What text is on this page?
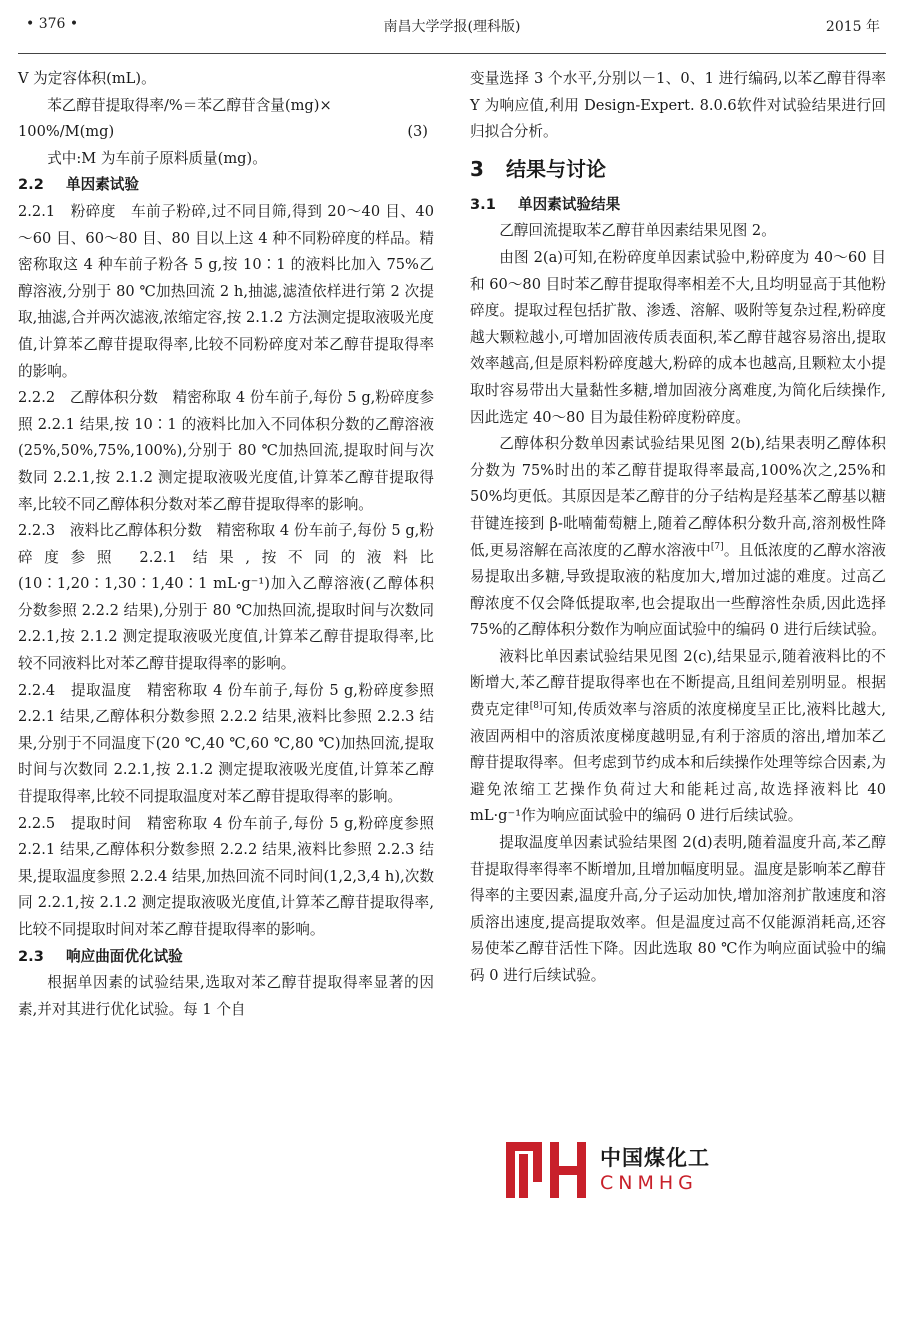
• 376 •	南昌大学学报(理科版)	2015 年

V 为定容体积(mL)。

苯乙醇苷提取得率/%＝苯乙醇苷含量(mg)×

100%/M(mg)	(3)

式中:M 为车前子原料质量(mg)。

2.2 单因素试验

2.2.1　粉碎度　车前子粉碎,过不同目筛,得到 20～40 目、40～60 目、60～80 目、80 目以上这 4 种不同粉碎度的样品。精密称取这 4 种车前子粉各 5 g,按 10∶1 的液料比加入 75%乙醇溶液,分别于 80 ℃加热回流 2 h,抽滤,滤渣依样进行第 2 次提取,抽滤,合并两次滤液,浓缩定容,按 2.1.2 方法测定提取液吸光度值,计算苯乙醇苷提取得率,比较不同粉碎度对苯乙醇苷提取得率的影响。

2.2.2　乙醇体积分数　精密称取 4 份车前子,每份 5 g,粉碎度参照 2.2.1 结果,按 10∶1 的液料比加入不同体积分数的乙醇溶液(25%,50%,75%,100%),分别于 80 ℃加热回流,提取时间与次数同 2.2.1,按 2.1.2 测定提取液吸光度值,计算苯乙醇苷提取得率,比较不同乙醇体积分数对苯乙醇苷提取得率的影响。

2.2.3　液料比乙醇体积分数　精密称取 4 份车前子,每份 5 g,粉碎度参照 2.2.1 结果,按不同的液料比(10∶1,20∶1,30∶1,40∶1 mL·g⁻¹)加入乙醇溶液(乙醇体积分数参照 2.2.2 结果),分别于 80 ℃加热回流,提取时间与次数同 2.2.1,按 2.1.2 测定提取液吸光度值,计算苯乙醇苷提取得率,比较不同液料比对苯乙醇苷提取得率的影响。

2.2.4　提取温度　精密称取 4 份车前子,每份 5 g,粉碎度参照 2.2.1 结果,乙醇体积分数参照 2.2.2 结果,液料比参照 2.2.3 结果,分别于不同温度下(20 ℃,40 ℃,60 ℃,80 ℃)加热回流,提取时间与次数同 2.2.1,按 2.1.2 测定提取液吸光度值,计算苯乙醇苷提取得率,比较不同提取温度对苯乙醇苷提取得率的影响。

2.2.5　提取时间　精密称取 4 份车前子,每份 5 g,粉碎度参照 2.2.1 结果,乙醇体积分数参照 2.2.2 结果,液料比参照 2.2.3 结果,提取温度参照 2.2.4 结果,加热回流不同时间(1,2,3,4 h),次数同 2.2.1,按 2.1.2 测定提取液吸光度值,计算苯乙醇苷提取得率,比较不同提取时间对苯乙醇苷提取得率的影响。

2.3 响应曲面优化试验

根据单因素的试验结果,选取对苯乙醇苷提取得率显著的因素,并对其进行优化试验。每 1 个自

变量选择 3 个水平,分别以－1、0、1 进行编码,以苯乙醇苷得率 Y 为响应值,利用 Design-Expert. 8.0.6软件对试验结果进行回归拟合分析。

3 结果与讨论
3.1 单因素试验结果

乙醇回流提取苯乙醇苷单因素结果见图 2。

由图 2(a)可知,在粉碎度单因素试验中,粉碎度为 40～60 目和 60～80 目时苯乙醇苷提取得率相差不大,且均明显高于其他粉碎度。提取过程包括扩散、渗透、溶解、吸附等复杂过程,粉碎度越大颗粒越小,可增加固液传质表面积,苯乙醇苷越容易溶出,提取效率越高,但是原料粉碎度越大,粉碎的成本也越高,且颗粒太小提取时容易带出大量黏性多糖,增加固液分离难度,为简化后续操作,因此选定 40～80 目为最佳粉碎度粉碎度。

乙醇体积分数单因素试验结果见图 2(b),结果表明乙醇体积分数为 75%时出的苯乙醇苷提取得率最高,100%次之,25%和 50%均更低。其原因是苯乙醇苷的分子结构是羟基苯乙醇基以糖苷键连接到 β-吡喃葡萄糖上,随着乙醇体积分数升高,溶剂极性降低,更易溶解在高浓度的乙醇水溶液中[7]。且低浓度的乙醇水溶液易提取出多糖,导致提取液的粘度加大,增加过滤的难度。过高乙醇浓度不仅会降低提取率,也会提取出一些醇溶性杂质,因此选择 75%的乙醇体积分数作为响应面试验中的编码 0 进行后续试验。

液料比单因素试验结果见图 2(c),结果显示,随着液料比的不断增大,苯乙醇苷提取得率也在不断提高,且组间差别明显。根据费克定律[8]可知,传质效率与溶质的浓度梯度呈正比,液料比越大,液固两相中的溶质浓度梯度越明显,有利于溶质的溶出,增加苯乙醇苷提取得率。但考虑到节约成本和后续操作处理等综合因素,为避免浓缩工艺操作负荷过大和能耗过高,故选择液料比 40 mL·g⁻¹作为响应面试验中的编码 0 进行后续试验。

提取温度单因素试验结果图 2(d)表明,随着温度升高,苯乙醇苷提取得率得率不断增加,且增加幅度明显。温度是影响苯乙醇苷得率的主要因素,温度升高,分子运动加快,增加溶剂扩散速度和溶质溶出速度,提高提取效率。但是温度过高不仅能源消耗高,还容易使苯乙醇苷活性下降。因此选取 80 ℃作为响应面试验中的编码 0 进行后续试验。

中国煤化工
CNMHG
